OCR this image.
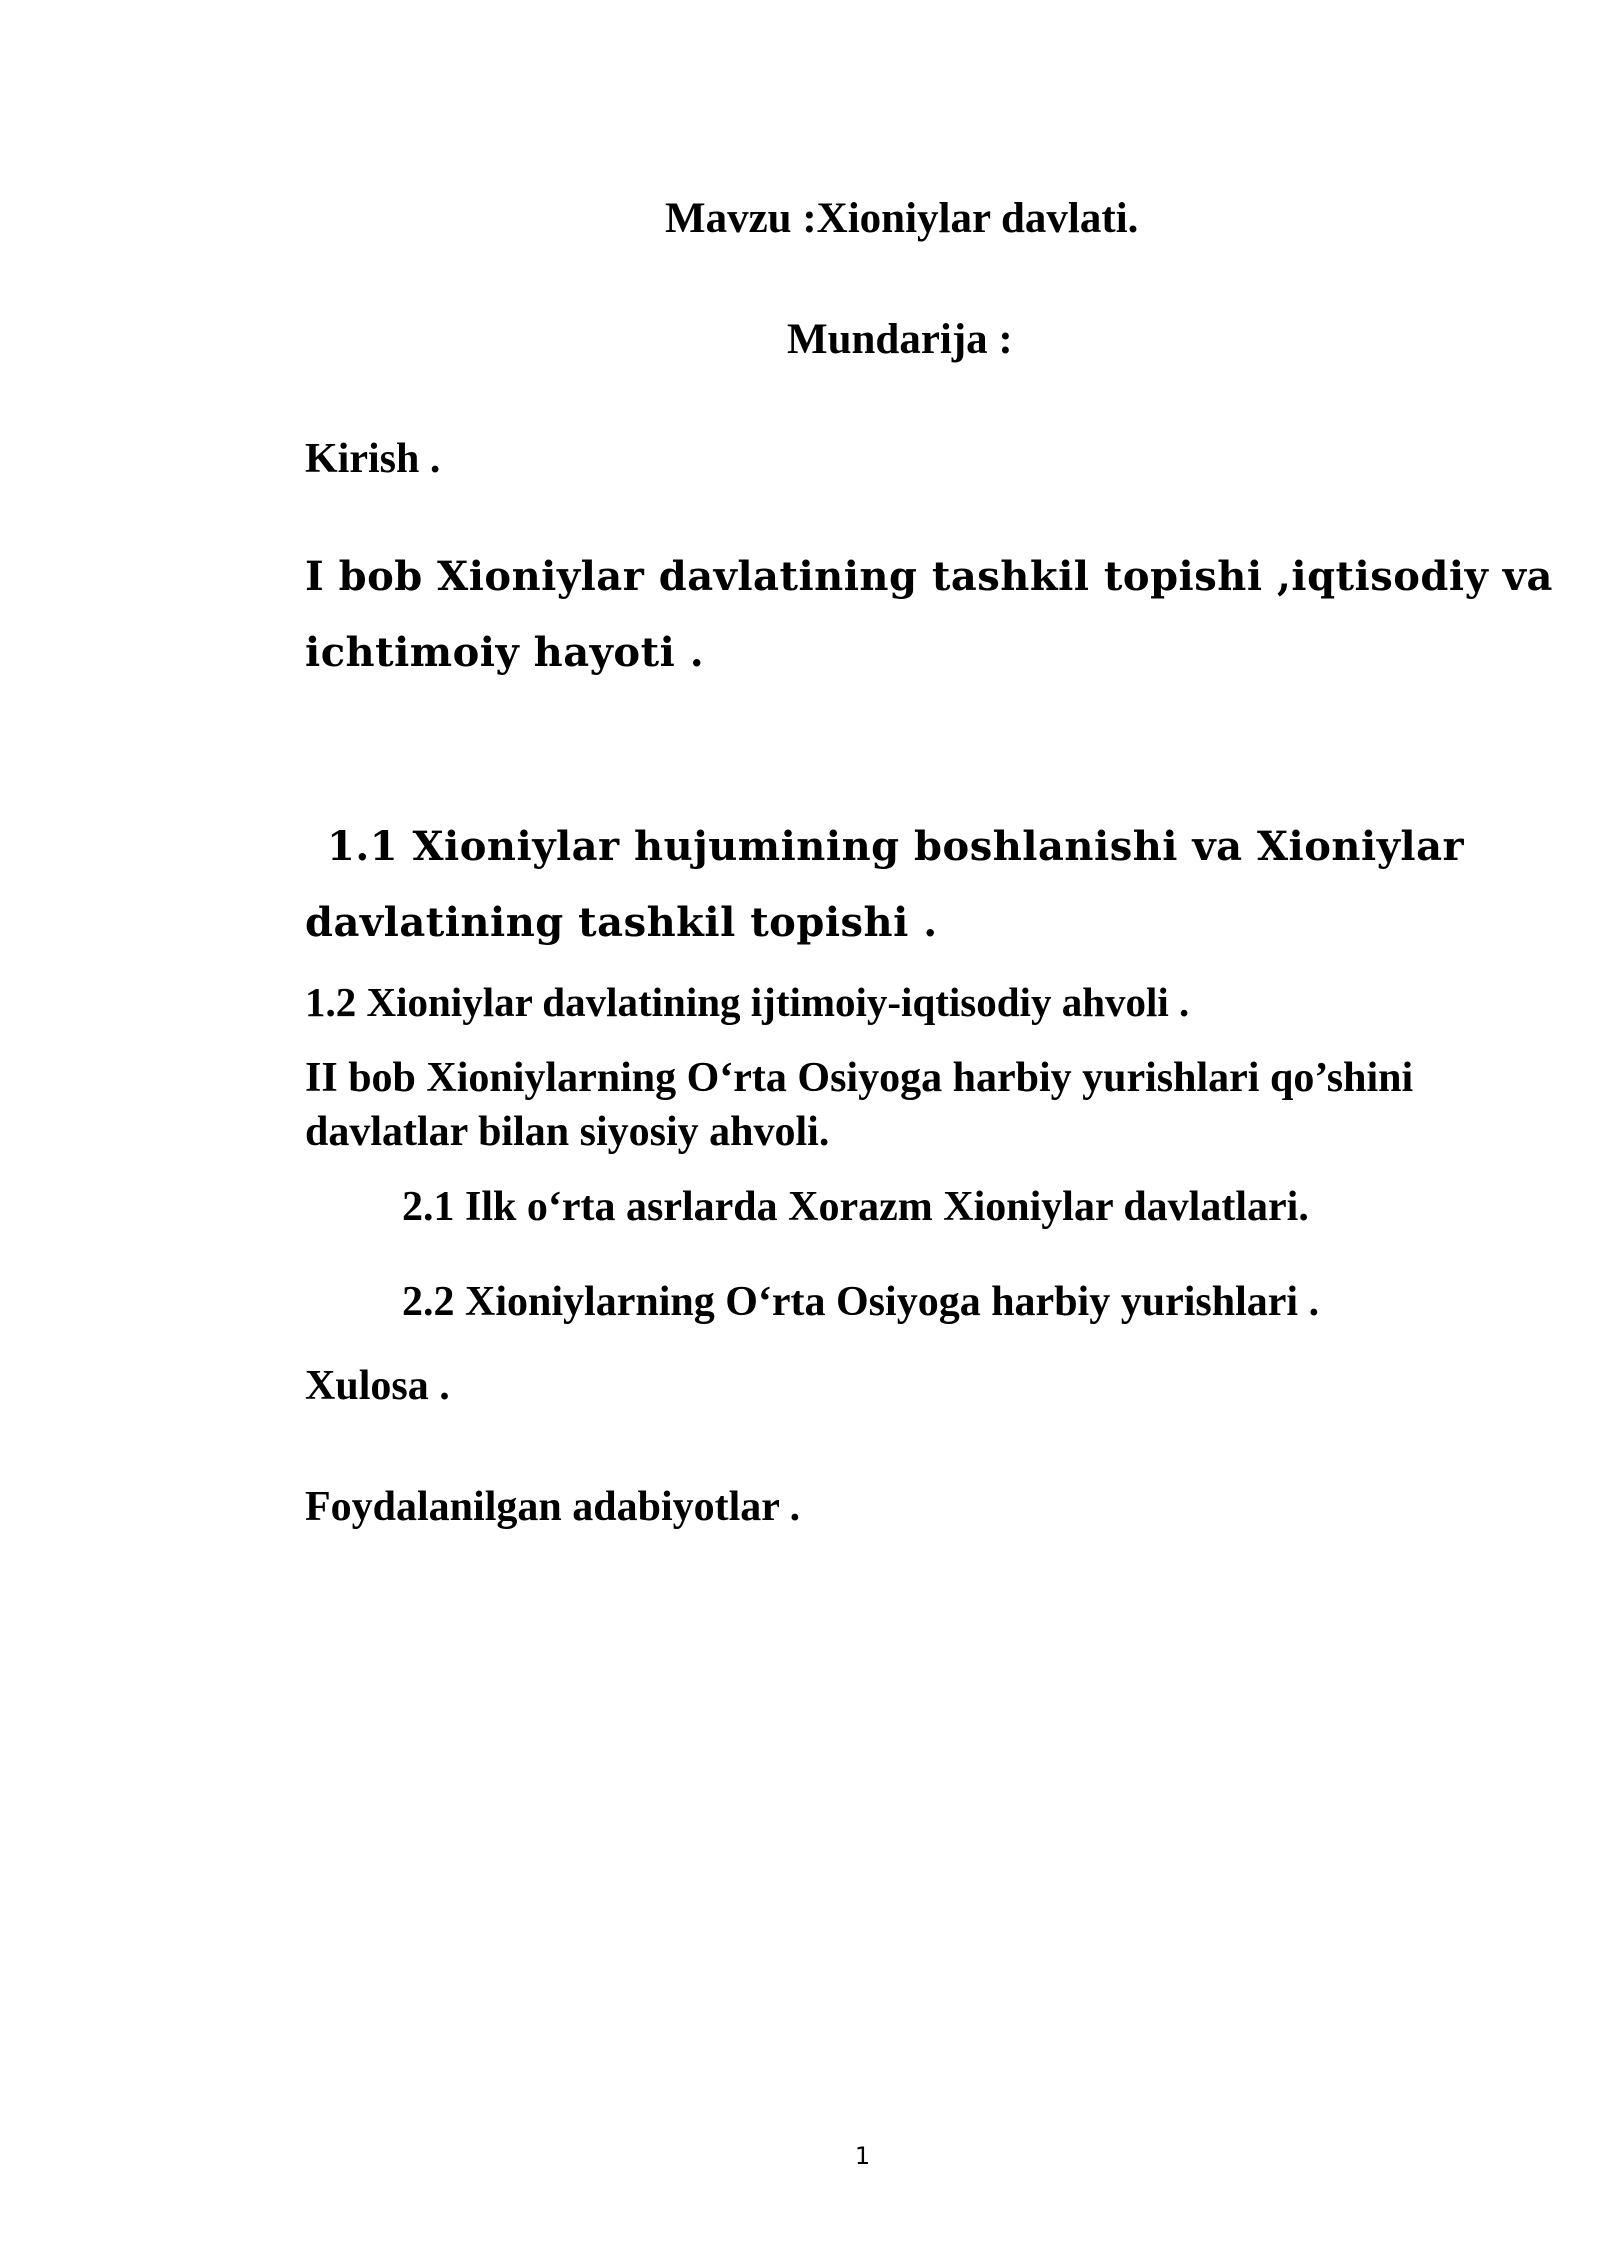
Mavzu :Xioniylar davlati.

Mundarija :

Kirish .

I bob Xioniylar davlatining tashkil topishi ,iqtisodiy va

ichtimoiy hayoti .

1.1 Xioniylar hujumining boshlanishi va Xioniylar

davlatining tashkil topishi .

1.2 Xioniylar davlatining ijtimoiy-iqtisodiy ahvoli .

II bob Xioniylarning O‘rta Osiyoga harbiy yurishlari qo’shini

davlatlar bilan siyosiy ahvoli.

2.1 Ilk o‘rta asrlarda Xorazm Xioniylar davlatlari.

2.2 Xioniylarning O‘rta Osiyoga harbiy yurishlari .

Xulosa .

Foydalanilgan adabiyotlar .

1
